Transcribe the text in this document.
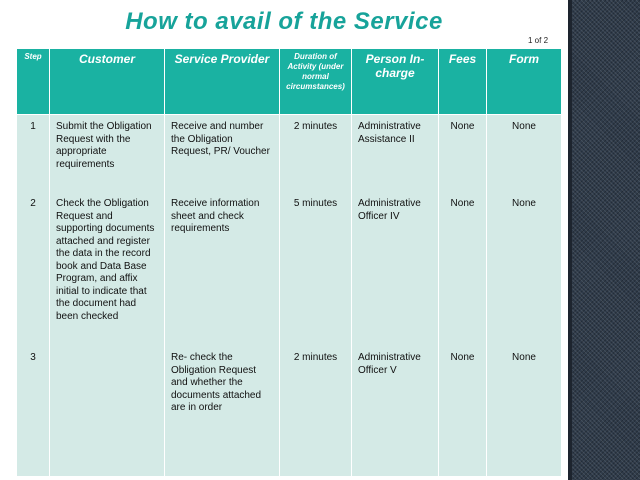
How to avail of the Service
1 of 2
Step	Customer	Service Provider	Duration of Activity (under normal circumstances)	Person In-charge	Fees	Form
1	Submit the Obligation Request with the appropriate requirements	Receive and number the Obligation Request, PR/ Voucher	2 minutes	Administrative Assistance II	None	None
2	Check the Obligation Request and supporting documents attached and register the data in the record book and Data Base Program, and affix initial to indicate that the document had been checked	Receive information sheet and check requirements	5 minutes	Administrative Officer IV	None	None
3		Re- check the Obligation Request and whether the documents attached are in order	2 minutes	Administrative Officer V	None	None
